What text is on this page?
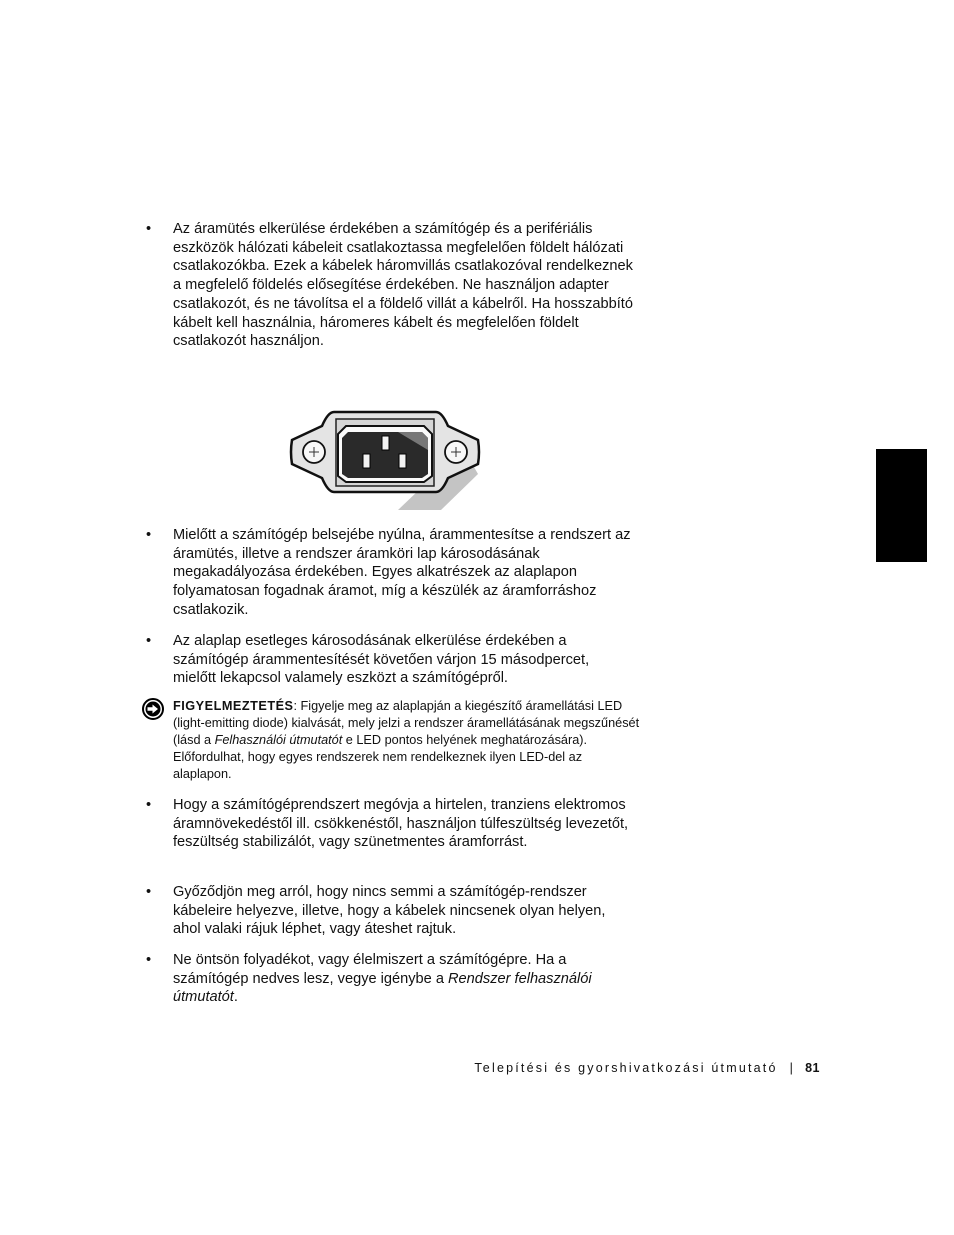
•	Az áramütés elkerülése érdekében a számítógép és a perifériális eszközök hálózati kábeleit csatlakoztassa megfelelően földelt hálózati csatlakozókba. Ezek a kábelek háromvillás csatlakozóval rendelkeznek a megfelelő földelés elősegítése érdekében. Ne használjon adapter csatlakozót, és ne távolítsa el a földelő villát a kábelről. Ha hosszabbító kábelt kell használnia, háromeres kábelt és megfelelően földelt csatlakozót használjon.
•	Mielőtt a számítógép belsejébe nyúlna, árammentesítse a rendszert az áramütés, illetve a rendszer áramköri lap károsodásának megakadályozása érdekében. Egyes alkatrészek az alaplapon folyamatosan fogadnak áramot, míg a készülék az áramforráshoz csatlakozik.
•	Az alaplap esetleges károsodásának elkerülése érdekében a számítógép árammentesítését követően várjon 15 másodpercet, mielőtt lekapcsol valamely eszközt a számítógépről.
FIGYELMEZTETÉS: Figyelje meg az alaplapján a kiegészítő áramellátási LED (light-emitting diode) kialvását, mely jelzi a rendszer áramellátásának megszűnését (lásd a Felhasználói útmutatót e LED pontos helyének meghatározására). Előfordulhat, hogy egyes rendszerek nem rendelkeznek ilyen LED-del az alaplapon.
•	Hogy a számítógéprendszert megóvja a hirtelen, tranziens elektromos áramnövekedéstől ill. csökkenéstől, használjon túlfeszültség levezetőt, feszültség stabilizálót, vagy szünetmentes áramforrást.
•	Győződjön meg arról, hogy nincs semmi a számítógép-rendszer kábeleire helyezve, illetve, hogy a kábelek nincsenek olyan helyen, ahol valaki rájuk léphet, vagy áteshet rajtuk.
•	Ne öntsön folyadékot, vagy élelmiszert a számítógépre. Ha a számítógép nedves lesz, vegye igénybe a Rendszer felhasználói útmutatót.
Telepítési és gyorshivatkozási útmutató | 81
